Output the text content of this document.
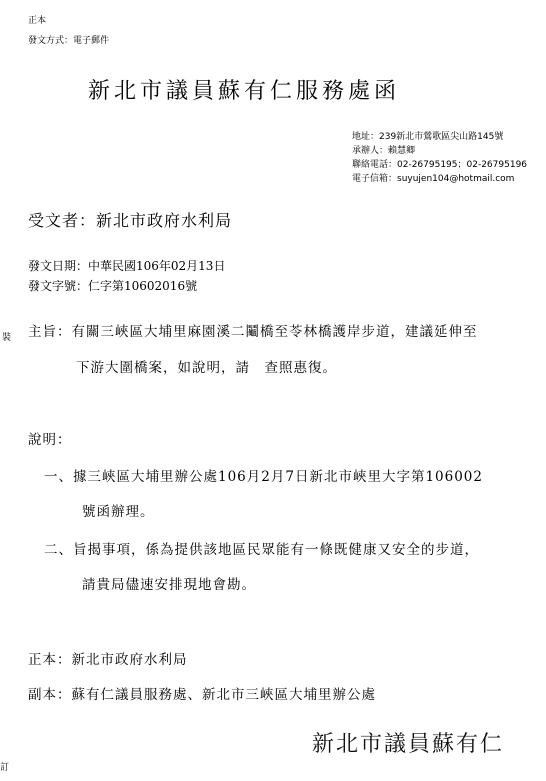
裝
訂
正本
發文方式：電子郵件
新北市議員蘇有仁服務處函
地址：239新北市鶯歌區尖山路145號
承辦人：賴慧卿
聯絡電話：02-26795195；02-26795196
電子信箱：suyujen104@hotmail.com
受文者：新北市政府水利局
發文日期：中華民國106年02月13日
發文字號：仁字第10602016號
主旨：有關三峽區大埔里麻園溪二鬮橋至苓林橋護岸步道，建議延伸至
下游大圍橋案，如說明，請　查照惠復。
說明：
一、據三峽區大埔里辦公處106月2月7日新北市峽里大字第106002
號函辦理。
二、旨揭事項，係為提供該地區民眾能有一條既健康又安全的步道，
請貴局儘速安排現地會勘。
正本：新北市政府水利局
副本：蘇有仁議員服務處、新北市三峽區大埔里辦公處
新北市議員蘇有仁
